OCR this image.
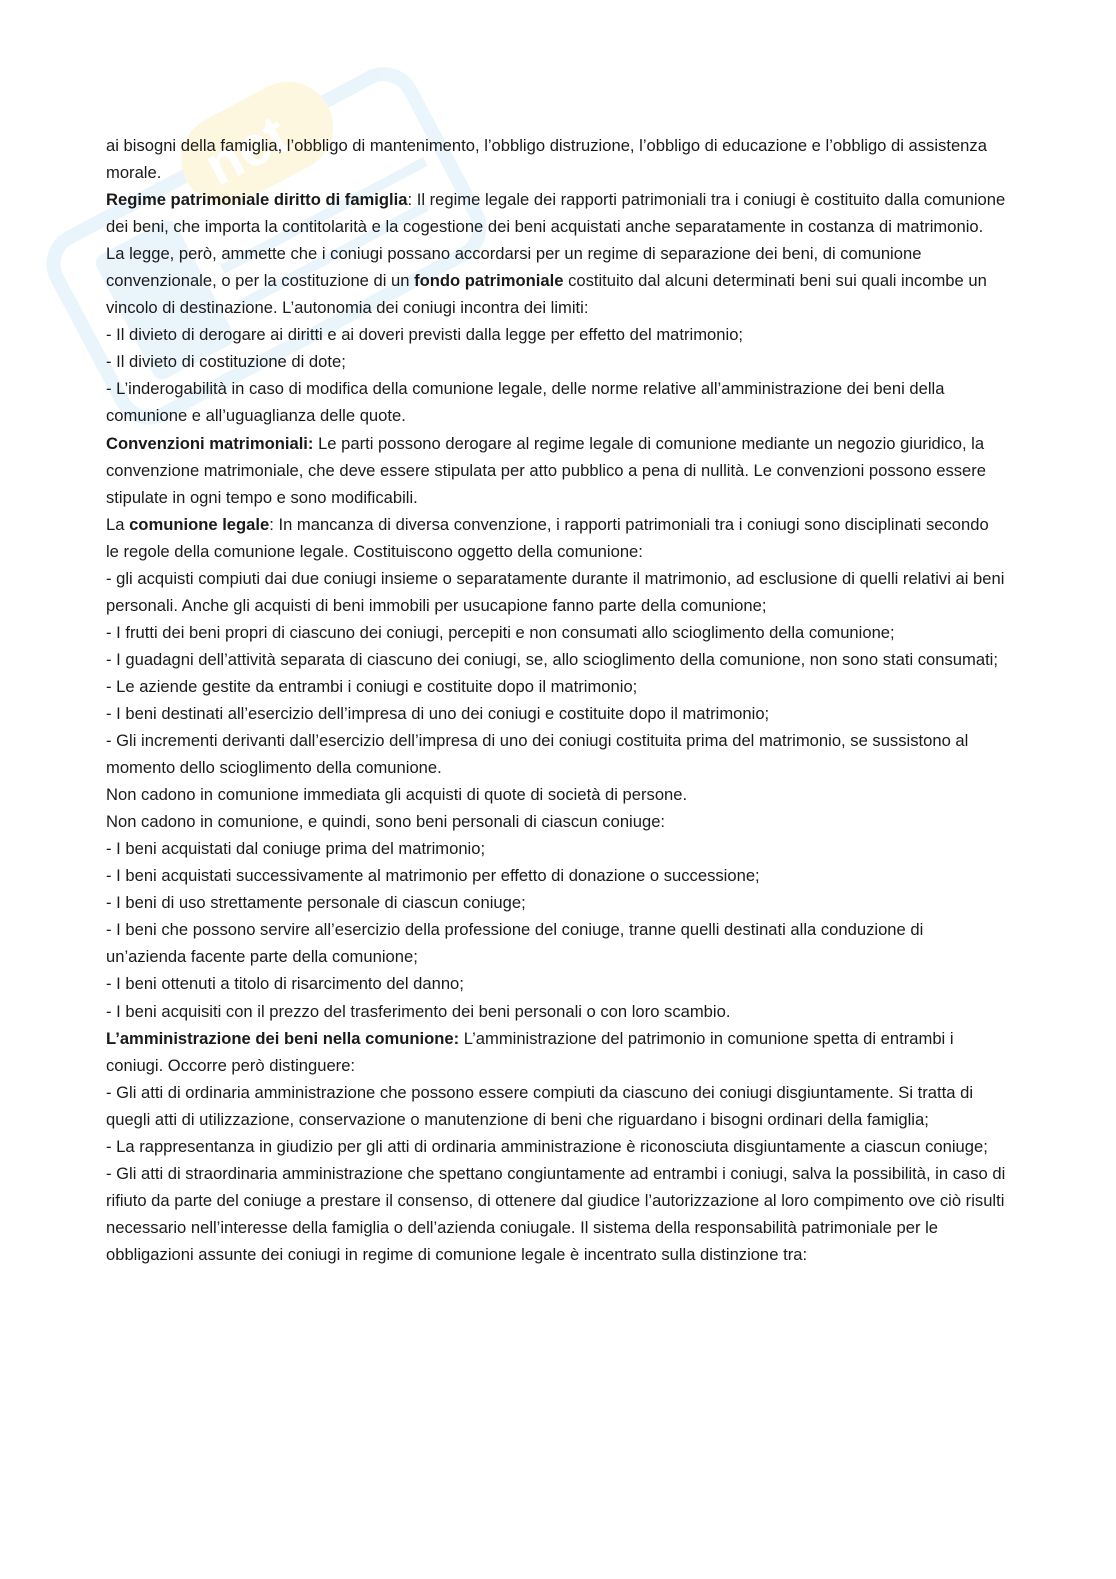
net

ai bisogni della famiglia, l’obbligo di mantenimento, l’obbligo distruzione, l’obbligo di educazione e l’obbligo di assistenza morale.

Regime patrimoniale diritto di famiglia: Il regime legale dei rapporti patrimoniali tra i coniugi è costituito dalla comunione dei beni, che importa la contitolarità e la cogestione dei beni acquistati anche separatamente in costanza di matrimonio. La legge, però, ammette che i coniugi possano accordarsi per un regime di separazione dei beni, di comunione convenzionale, o per la costituzione di un fondo patrimoniale costituito dal alcuni determinati beni sui quali incombe un vincolo di destinazione. L’autonomia dei coniugi incontra dei limiti:

- Il divieto di derogare ai diritti e ai doveri previsti dalla legge per effetto del matrimonio;

- Il divieto di costituzione di dote;

- L’inderogabilità in caso di modifica della comunione legale, delle norme relative all’amministrazione dei beni della comunione e all’uguaglianza delle quote.

Convenzioni matrimoniali: Le parti possono derogare al regime legale di comunione mediante un negozio giuridico, la convenzione matrimoniale, che deve essere stipulata per atto pubblico a pena di nullità. Le convenzioni possono essere stipulate in ogni tempo e sono modificabili.

La comunione legale: In mancanza di diversa convenzione, i rapporti patrimoniali tra i coniugi sono disciplinati secondo le regole della comunione legale. Costituiscono oggetto della comunione:

- gli acquisti compiuti dai due coniugi insieme o separatamente durante il matrimonio, ad esclusione di quelli relativi ai beni personali. Anche gli acquisti di beni immobili per usucapione fanno parte della comunione;

- I frutti dei beni propri di ciascuno dei coniugi, percepiti e non consumati allo scioglimento della comunione;

- I guadagni dell’attività separata di ciascuno dei coniugi, se, allo scioglimento della comunione, non sono stati consumati;

- Le aziende gestite da entrambi i coniugi e costituite dopo il matrimonio;

- I beni destinati all’esercizio dell’impresa di uno dei coniugi e costituite dopo il matrimonio;

- Gli incrementi derivanti dall’esercizio dell’impresa di uno dei coniugi costituita prima del matrimonio, se sussistono al momento dello scioglimento della comunione.

Non cadono in comunione immediata gli acquisti di quote di società di persone.

Non cadono in comunione, e quindi, sono beni personali di ciascun coniuge:

- I beni acquistati dal coniuge prima del matrimonio;

- I beni acquistati successivamente al matrimonio per effetto di donazione o successione;

- I beni di uso strettamente personale di ciascun coniuge;

- I beni che possono servire all’esercizio della professione del coniuge, tranne quelli destinati alla conduzione di un’azienda facente parte della comunione;

- I beni ottenuti a titolo di risarcimento del danno;

- I beni acquisiti con il prezzo del trasferimento dei beni personali o con loro scambio.

L’amministrazione dei beni nella comunione: L’amministrazione del patrimonio in comunione spetta di entrambi i coniugi. Occorre però distinguere:

- Gli atti di ordinaria amministrazione che possono essere compiuti da ciascuno dei coniugi disgiuntamente. Si tratta di quegli atti di utilizzazione, conservazione o manutenzione di beni che riguardano i bisogni ordinari della famiglia;

- La rappresentanza in giudizio per gli atti di ordinaria amministrazione è riconosciuta disgiuntamente a ciascun coniuge;

- Gli atti di straordinaria amministrazione che spettano congiuntamente ad entrambi i coniugi, salva la possibilità, in caso di rifiuto da parte del coniuge a prestare il consenso, di ottenere dal giudice l’autorizzazione al loro compimento ove ciò risulti necessario nell’interesse della famiglia o dell’azienda coniugale. Il sistema della responsabilità patrimoniale per le obbligazioni assunte dei coniugi in regime di comunione legale è incentrato sulla distinzione tra:
